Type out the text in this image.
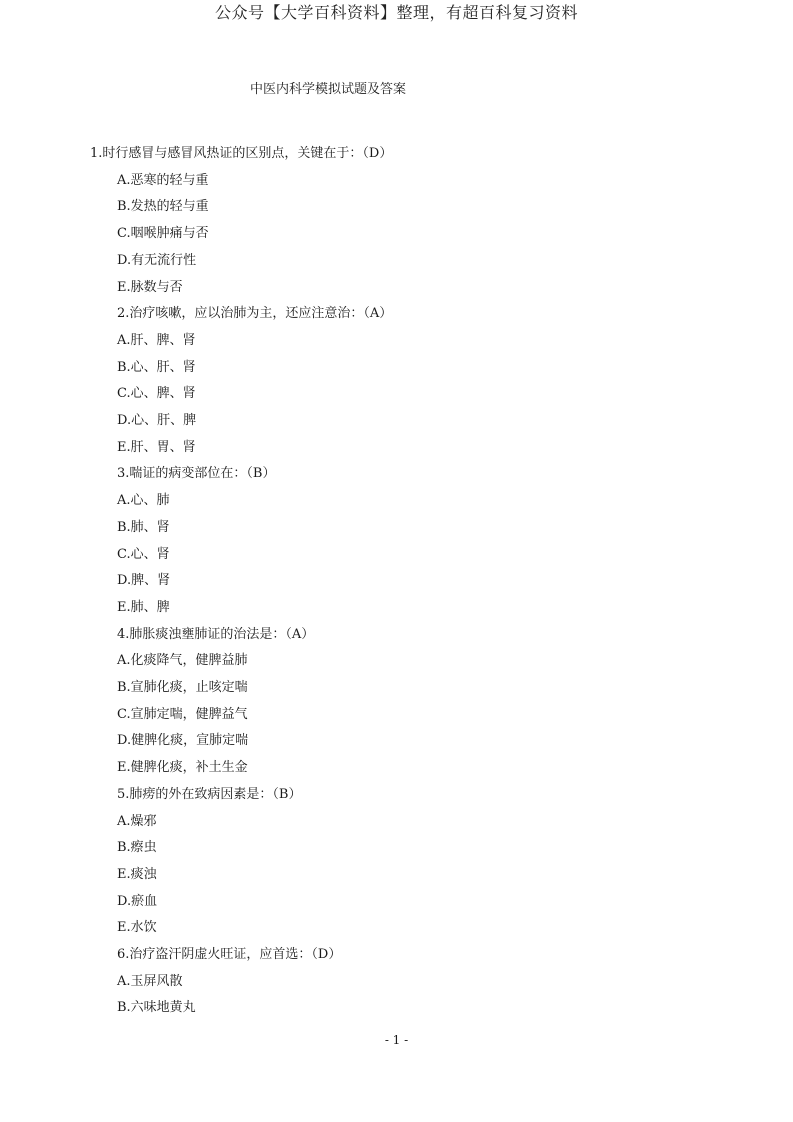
公众号【大学百科资料】整理，有超百科复习资料
中医内科学模拟试题及答案
1.时行感冒与感冒风热证的区别点，关键在于：（D）
A.恶寒的轻与重
B.发热的轻与重
C.咽喉肿痛与否
D.有无流行性
E.脉数与否
2.治疗咳嗽，应以治肺为主，还应注意治：（A）
A.肝、脾、肾
B.心、肝、肾
C.心、脾、肾
D.心、肝、脾
E.肝、胃、肾
3.喘证的病变部位在：（B）
A.心、肺
B.肺、肾
C.心、肾
D.脾、肾
E.肺、脾
4.肺胀痰浊壅肺证的治法是：（A）
A.化痰降气，健脾益肺
B.宣肺化痰，止咳定喘
C.宣肺定喘，健脾益气
D.健脾化痰，宣肺定喘
E.健脾化痰，补土生金
5.肺痨的外在致病因素是：（B）
A.燥邪
B.瘵虫
E.痰浊
D.瘀血
E.水饮
6.治疗盗汗阴虚火旺证，应首选：（D）
A.玉屏风散
B.六味地黄丸
- 1 -
